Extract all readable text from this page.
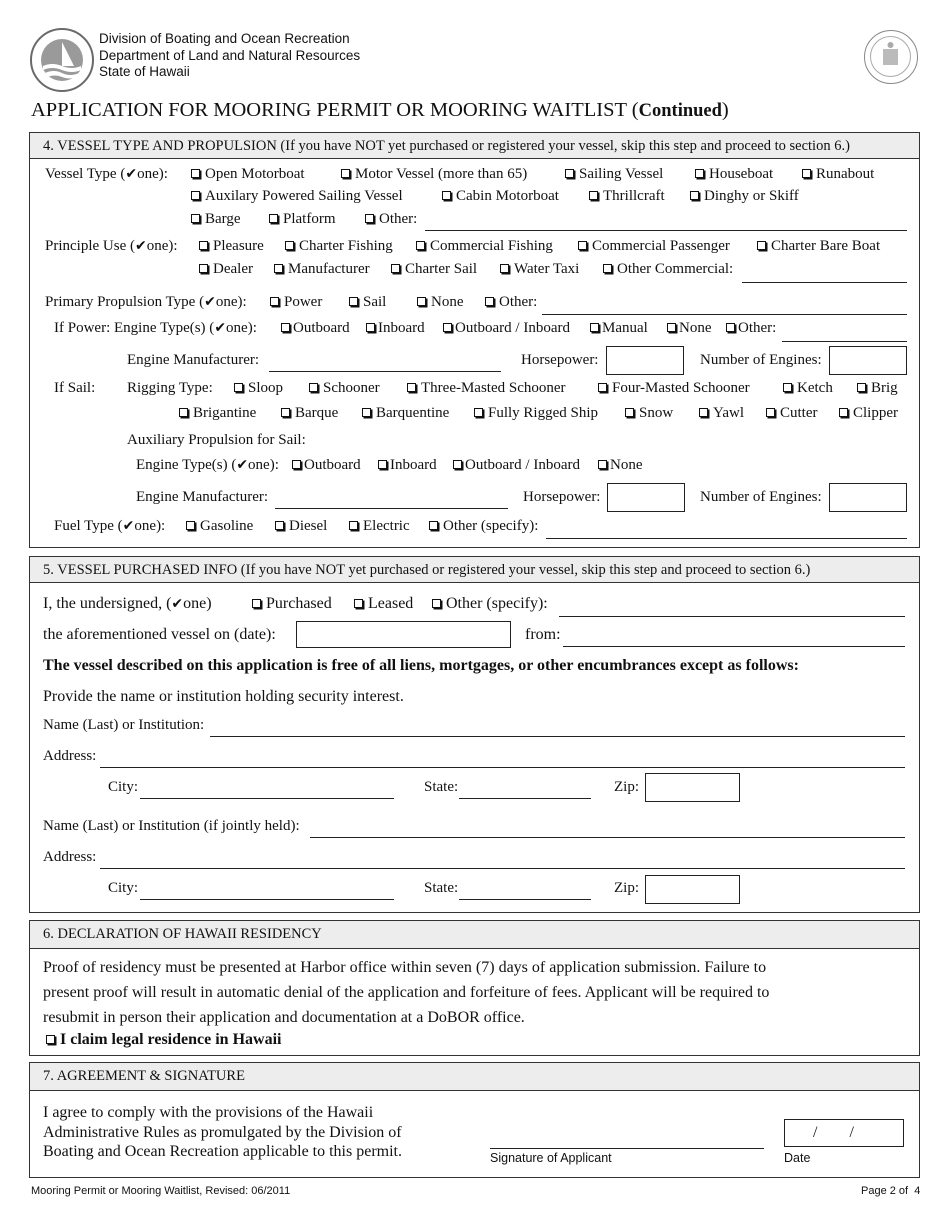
Division of Boating and Ocean Recreation
Department of Land and Natural Resources
State of Hawaii
APPLICATION FOR MOORING PERMIT OR MOORING WAITLIST (Continued)
4. VESSEL TYPE AND PROPULSION (If you have NOT yet purchased or registered your vessel, skip this step and proceed to section 6.)
Vessel Type (✔one):	Open Motorboat	Motor Vessel (more than 65)	Sailing Vessel	Houseboat	Runabout
Auxilary Powered Sailing Vessel	Cabin Motorboat	Thrillcraft	Dinghy or Skiff
Barge	Platform	Other:
Principle Use (✔one):	Pleasure	Charter Fishing	Commercial Fishing	Commercial Passenger	Charter Bare Boat
Dealer	Manufacturer	Charter Sail	Water Taxi	Other Commercial:
Primary Propulsion Type (✔one):	Power	Sail	None	Other:
If Power: Engine Type(s) (✔one):	Outboard	Inboard	Outboard / Inboard	Manual	None	Other:
Engine Manufacturer:	Horsepower:	Number of Engines:
If Sail: Rigging Type:	Sloop	Schooner	Three-Masted Schooner	Four-Masted Schooner	Ketch	Brig
Brigantine	Barque	Barquentine	Fully Rigged Ship	Snow	Yawl	Cutter	Clipper
Auxiliary Propulsion for Sail:
Engine Type(s) (✔one):	Outboard	Inboard	Outboard / Inboard	None
Engine Manufacturer:	Horsepower:	Number of Engines:
Fuel Type (✔one):	Gasoline	Diesel	Electric	Other (specify):
5. VESSEL PURCHASED INFO (If you have NOT yet purchased or registered your vessel, skip this step and proceed to section 6.)
I, the undersigned, (✔one)	Purchased	Leased	Other (specify):
the aforementioned vessel on (date):	from:
The vessel described on this application is free of all liens, mortgages, or other encumbrances except as follows:
Provide the name or institution holding security interest.
Name (Last) or Institution:
Address:
City:	State:	Zip:
Name (Last) or Institution (if jointly held):
Address:
City:	State:	Zip:
6. DECLARATION OF HAWAII RESIDENCY
Proof of residency must be presented at Harbor office within seven (7) days of application submission. Failure to
present proof will result in automatic denial of the application and forfeiture of fees. Applicant will be required to
resubmit in person their application and documentation at a DoBOR office.
I claim legal residence in Hawaii
7. AGREEMENT & SIGNATURE
I agree to comply with the provisions of the Hawaii
Administrative Rules as promulgated by the Division of
Boating and Ocean Recreation applicable to this permit.	Signature of Applicant
/        /
Date
Mooring Permit or Mooring Waitlist, Revised: 06/2011	Page 2 of  4
